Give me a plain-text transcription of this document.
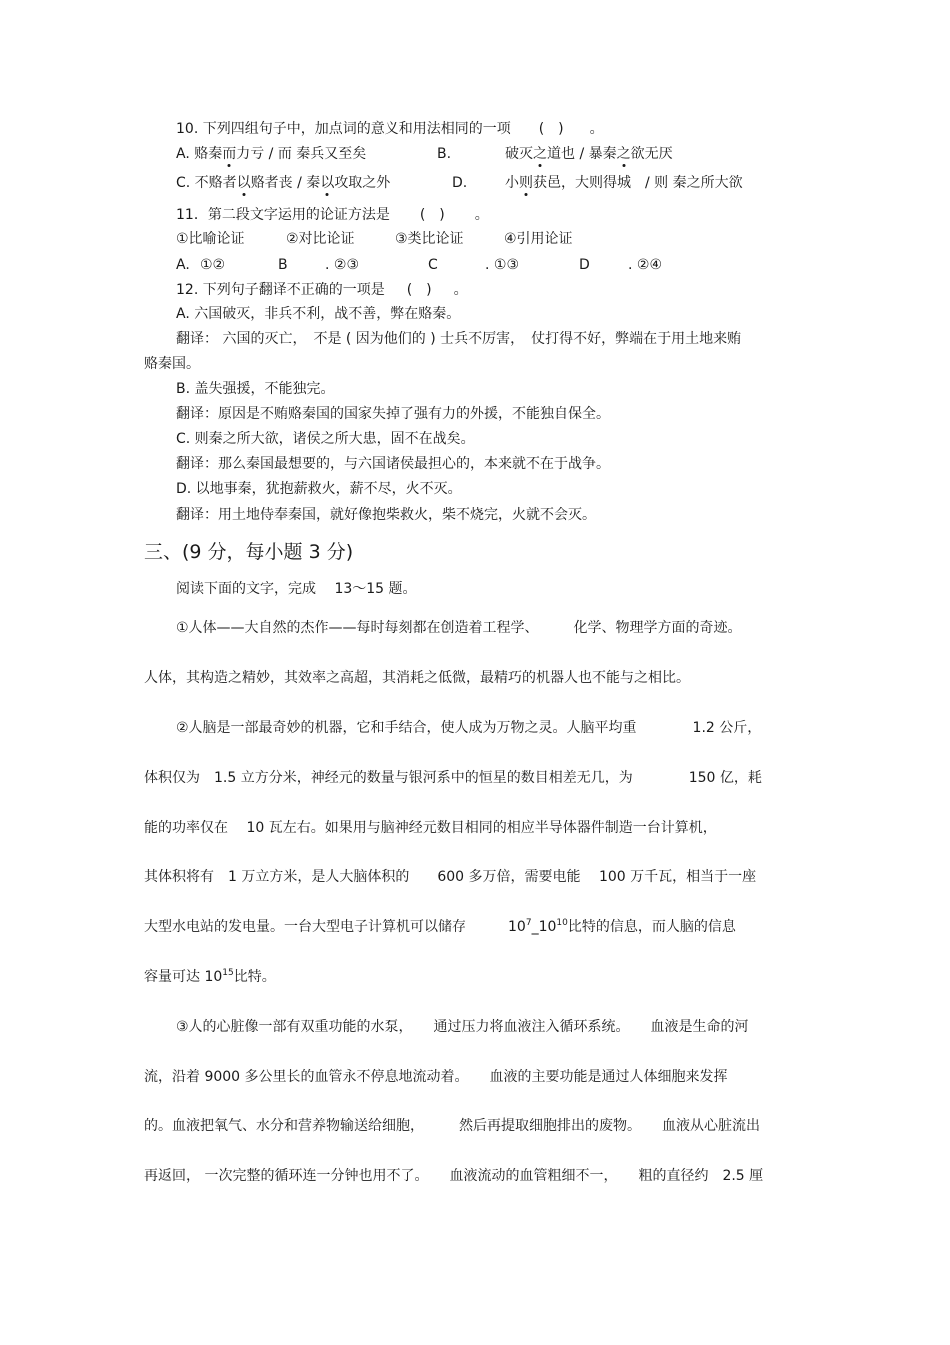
10. 下列四组句子中，加点词的意义和用法相同的一项 (　) 。
A. 赂秦而力亏 / 而 秦兵又至矣	B.	破灭之道也 / 暴秦之欲无厌
C. 不赂者以赂者丧 / 秦以攻取之外	D.	小则获邑，大则得城　/ 则 秦之所大欲
11．第二段文字运用的论证方法是 (　) 。
①比喻论证	②对比论证	③类比论证	④引用论证
A. ①②	B	. ②③	C	. ①③	D	. ②④
12. 下列句子翻译不正确的一项是 (　) 。
A. 六国破灭，非兵不利，战不善，弊在赂秦。
翻译： 六国的灭亡，　不是 ( 因为他们的 ) 士兵不厉害，　仗打得不好，弊端在于用土地来贿
赂秦国。
B. 盖失强援，不能独完。
翻译：原因是不贿赂秦国的国家失掉了强有力的外援，不能独自保全。
C. 则秦之所大欲，诸侯之所大患，固不在战矣。
翻译：那么秦国最想要的，与六国诸侯最担心的，本来就不在于战争。
D. 以地事秦，犹抱薪救火，薪不尽，火不灭。
翻译：用土地侍奉秦国，就好像抱柴救火，柴不烧完，火就不会灭。
三、(9 分，每小题 3 分)
阅读下面的文字，完成　 13～15 题。
①人体——大自然的杰作——每时每刻都在创造着工程学、　　　化学、物理学方面的奇迹。
人体，其构造之精妙，其效率之高超，其消耗之低微，最精巧的机器人也不能与之相比。
②人脑是一部最奇妙的机器，它和手结合，使人成为万物之灵。人脑平均重　　　　1.2 公斤，
体积仅为　1.5 立方分米，神经元的数量与银河系中的恒星的数目相差无几，为　　　　150 亿，耗
能的功率仅在　 10 瓦左右。如果用与脑神经元数目相同的相应半导体器件制造一台计算机，
其体积将有　1 万立方米，是人大脑体积的　　600 多万倍，需要电能　 100 万千瓦，相当于一座
大型水电站的发电量。一台大型电子计算机可以储存　　　$10^7\_10^{10}$比特的信息，而人脑的信息
容量可达 $10^{15}$比特。
③人的心脏像一部有双重功能的水泵，　　通过压力将血液注入循环系统。　　血液是生命的河
流，沿着 9000 多公里长的血管永不停息地流动着。　　血液的主要功能是通过人体细胞来发挥
的。血液把氧气、水分和营养物输送给细胞，　　　然后再提取细胞排出的废物。　　血液从心脏流出
再返回， 一次完整的循环连一分钟也用不了。　　血液流动的血管粗细不一，　　粗的直径约　2.5 厘
